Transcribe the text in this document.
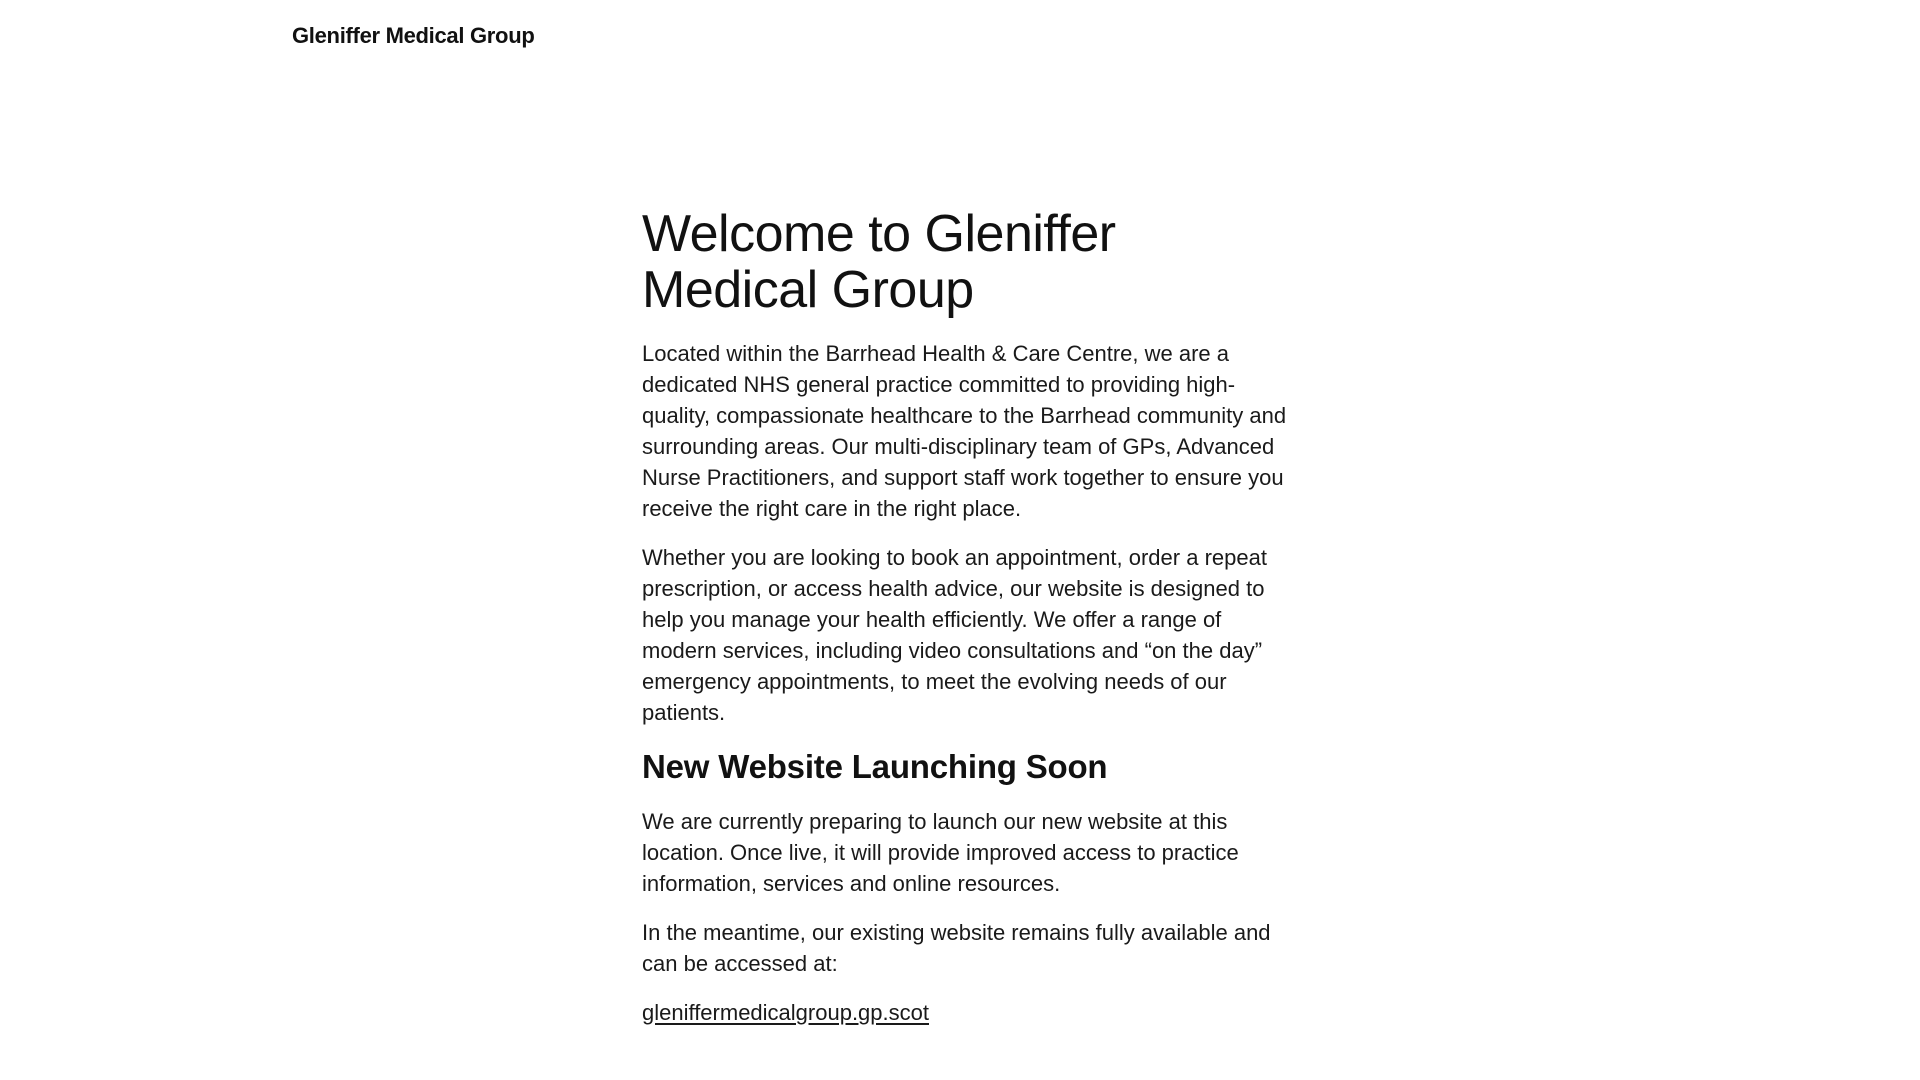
Gleniffer Medical Group
Welcome to Gleniffer Medical Group

Located within the Barrhead Health & Care Centre, we are a dedicated NHS general practice committed to providing high-quality, compassionate healthcare to the Barrhead community and surrounding areas. Our multi-disciplinary team of GPs, Advanced Nurse Practitioners, and support staff work together to ensure you receive the right care in the right place.

Whether you are looking to book an appointment, order a repeat prescription, or access health advice, our website is designed to help you manage your health efficiently. We offer a range of modern services, including video consultations and “on the day” emergency appointments, to meet the evolving needs of our patients.

New Website Launching Soon

We are currently preparing to launch our new website at this location. Once live, it will provide improved access to practice information, services and online resources.

In the meantime, our existing website remains fully available and can be accessed at:

gleniffermedicalgroup.gp.scot
